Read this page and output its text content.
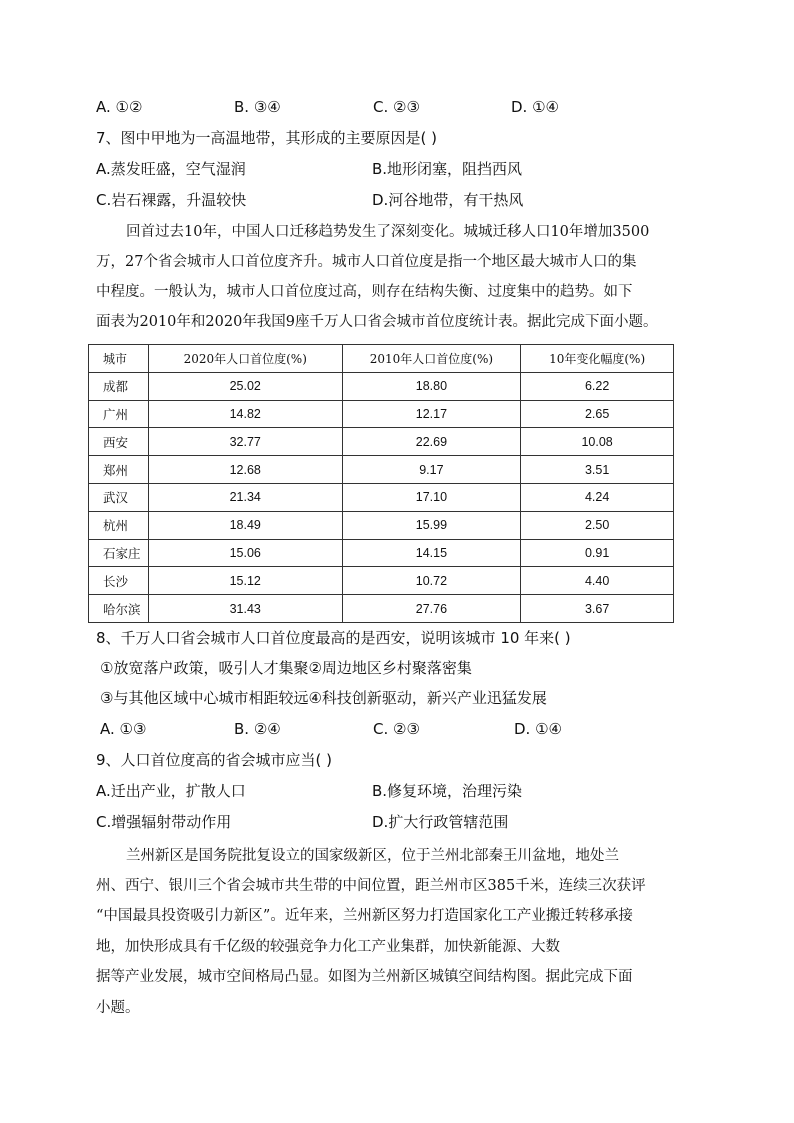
A. ①②	B. ③④	C. ②③	D. ①④
7、图中甲地为一高温地带，其形成的主要原因是( )
A.蒸发旺盛，空气湿润	B.地形闭塞，阻挡西风
C.岩石裸露，升温较快	D.河谷地带，有干热风
回首过去10年，中国人口迁移趋势发生了深刻变化。城城迁移人口10年增加3500
万，27个省会城市人口首位度齐升。城市人口首位度是指一个地区最大城市人口的集
中程度。一般认为，城市人口首位度过高，则存在结构失衡、过度集中的趋势。如下
面表为2010年和2020年我国9座千万人口省会城市首位度统计表。据此完成下面小题。
城市	2020年人口首位度(%)	2010年人口首位度(%)	10年变化幅度(%)
成都	25.02	18.80	6.22
广州	14.82	12.17	2.65
西安	32.77	22.69	10.08
郑州	12.68	9.17	3.51
武汉	21.34	17.10	4.24
杭州	18.49	15.99	2.50
石家庄	15.06	14.15	0.91
长沙	15.12	10.72	4.40
哈尔滨	31.43	27.76	3.67
8、千万人口省会城市人口首位度最高的是西安，说明该城市 10 年来( )
①放宽落户政策，吸引人才集聚②周边地区乡村聚落密集
③与其他区域中心城市相距较远④科技创新驱动，新兴产业迅猛发展
A. ①③	B. ②④	C. ②③	D. ①④
9、人口首位度高的省会城市应当( )
A.迁出产业，扩散人口	B.修复环境，治理污染
C.增强辐射带动作用	D.扩大行政管辖范围
兰州新区是国务院批复设立的国家级新区，位于兰州北部秦王川盆地，地处兰
州、西宁、银川三个省会城市共生带的中间位置，距兰州市区385千米，连续三次获评
“中国最具投资吸引力新区”。近年来，兰州新区努力打造国家化工产业搬迁转移承接
地，加快形成具有千亿级的较强竞争力化工产业集群，加快新能源、大数
据等产业发展，城市空间格局凸显。如图为兰州新区城镇空间结构图。据此完成下面
小题。
